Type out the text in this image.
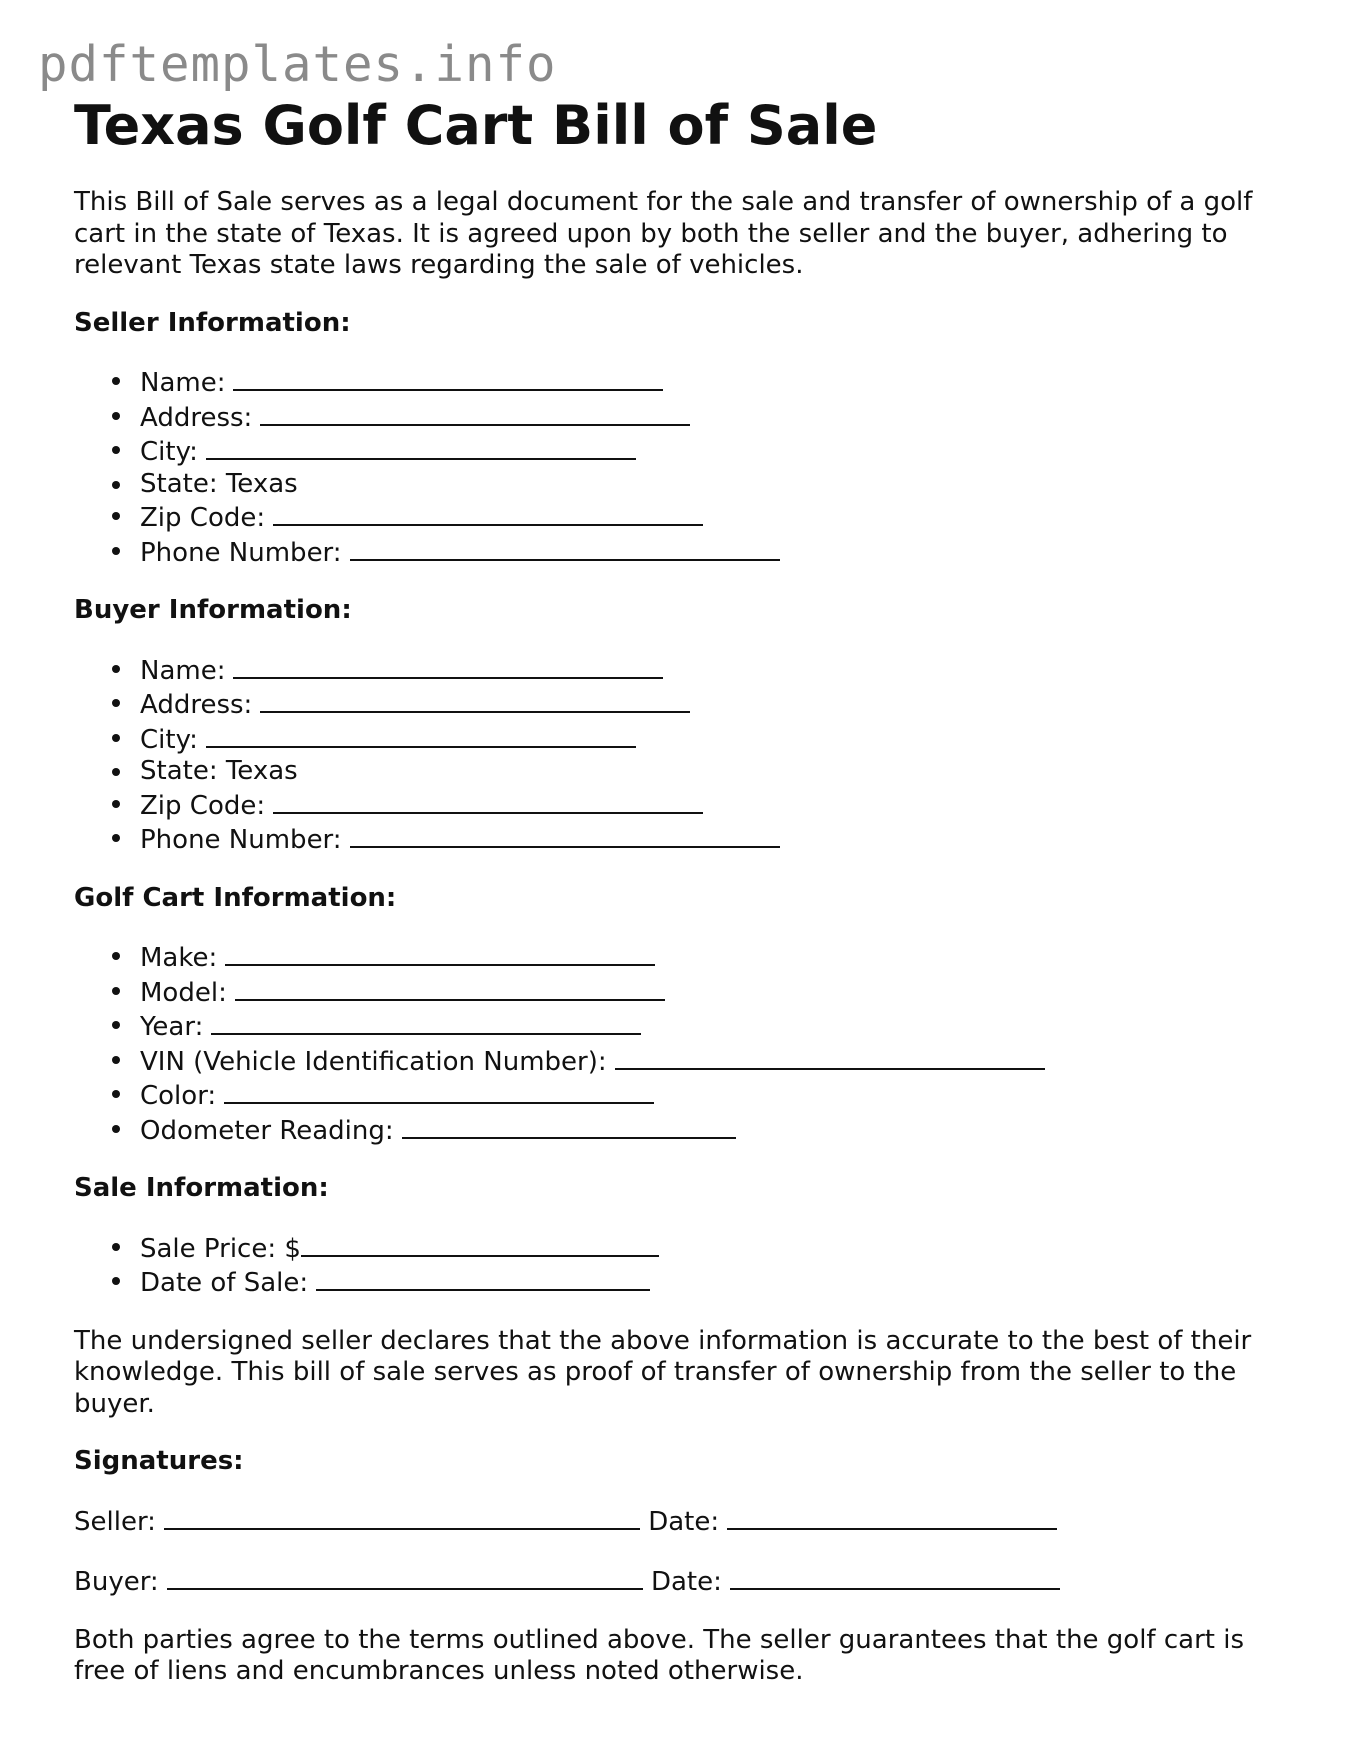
pdftemplates.info
Texas Golf Cart Bill of Sale

This Bill of Sale serves as a legal document for the sale and transfer of ownership of a golf cart in the state of Texas. It is agreed upon by both the seller and the buyer, adhering to relevant Texas state laws regarding the sale of vehicles.

Seller Information:

Name:
Address:
City:
State: Texas
Zip Code:
Phone Number:

Buyer Information:

Name:
Address:
City:
State: Texas
Zip Code:
Phone Number:

Golf Cart Information:

Make:
Model:
Year:
VIN (Vehicle Identification Number):
Color:
Odometer Reading:

Sale Information:

Sale Price: $
Date of Sale:

The undersigned seller declares that the above information is accurate to the best of their knowledge. This bill of sale serves as proof of transfer of ownership from the seller to the buyer.

Signatures:

Seller:	Date:
Buyer:	Date:

Both parties agree to the terms outlined above. The seller guarantees that the golf cart is free of liens and encumbrances unless noted otherwise.
